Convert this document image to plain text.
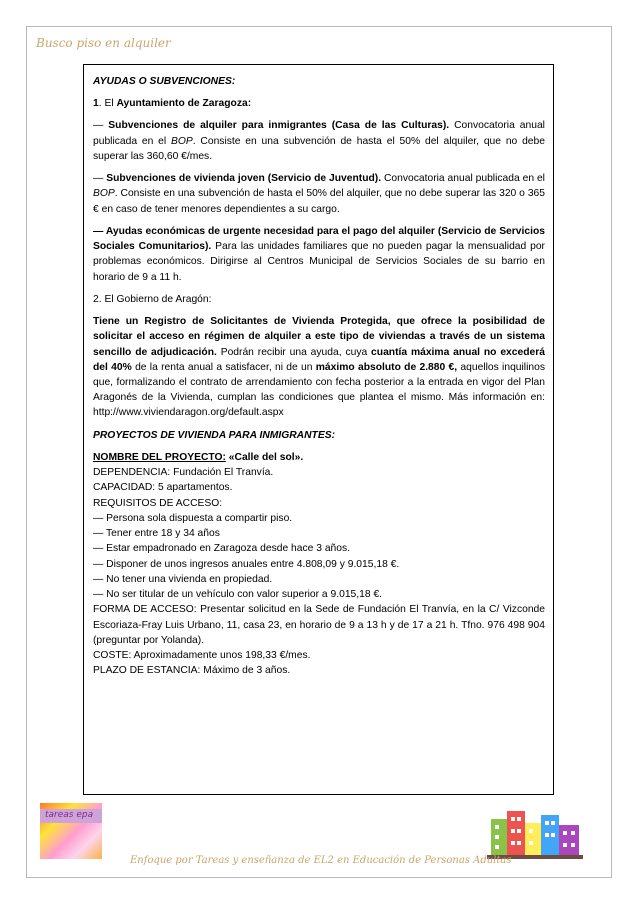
Busco piso en alquiler

AYUDAS O SUBVENCIONES:

1. El Ayuntamiento de Zaragoza:

— Subvenciones de alquiler para inmigrantes (Casa de las Culturas). Convocatoria anual publicada en el BOP. Consiste en una subvención de hasta el 50% del alquiler, que no debe superar las 360,60 €/mes.

— Subvenciones de vivienda joven (Servicio de Juventud). Convocatoria anual publicada en el BOP. Consiste en una subvención de hasta el 50% del alquiler, que no debe superar las 320 o 365 € en caso de tener menores dependientes a su cargo.

— Ayudas económicas de urgente necesidad para el pago del alquiler (Servicio de Servicios Sociales Comunitarios). Para las unidades familiares que no pueden pagar la mensualidad por problemas económicos. Dirigirse al Centros Municipal de Servicios Sociales de su barrio en horario de 9 a 11 h.

2. El Gobierno de Aragón:

Tiene un Registro de Solicitantes de Vivienda Protegida, que ofrece la posibilidad de solicitar el acceso en régimen de alquiler a este tipo de viviendas a través de un sistema sencillo de adjudicación. Podrán recibir una ayuda, cuya cuantía máxima anual no excederá del 40% de la renta anual a satisfacer, ni de un máximo absoluto de 2.880 €, aquellos inquilinos que, formalizando el contrato de arrendamiento con fecha posterior a la entrada en vigor del Plan Aragonés de la Vivienda, cumplan las condiciones que plantea el mismo. Más información en: http://www.viviendaragon.org/default.aspx

PROYECTOS DE VIVIENDA PARA INMIGRANTES:

NOMBRE DEL PROYECTO: «Calle del sol».

DEPENDENCIA: Fundación El Tranvía.

CAPACIDAD: 5 apartamentos.

REQUISITOS DE ACCESO:

— Persona sola dispuesta a compartir piso.

— Tener entre 18 y 34 años

— Estar empadronado en Zaragoza desde hace 3 años.

— Disponer de unos ingresos anuales entre 4.808,09 y 9.015,18 €.

— No tener una vivienda en propiedad.

— No ser titular de un vehículo con valor superior a 9.015,18 €.

FORMA DE ACCESO: Presentar solicitud en la Sede de Fundación El Tranvía, en la C/ Vizconde Escoriaza-Fray Luis Urbano, 11, casa 23, en horario de 9 a 13 h y de 17 a 21 h. Tfno. 976 498 904 (preguntar por Yolanda).

COSTE: Aproximadamente unos 198,33 €/mes.

PLAZO DE ESTANCIA: Máximo de 3 años.

tareas epa
Enfoque por Tareas y enseñanza de EL2 en Educación de Personas Adultas
